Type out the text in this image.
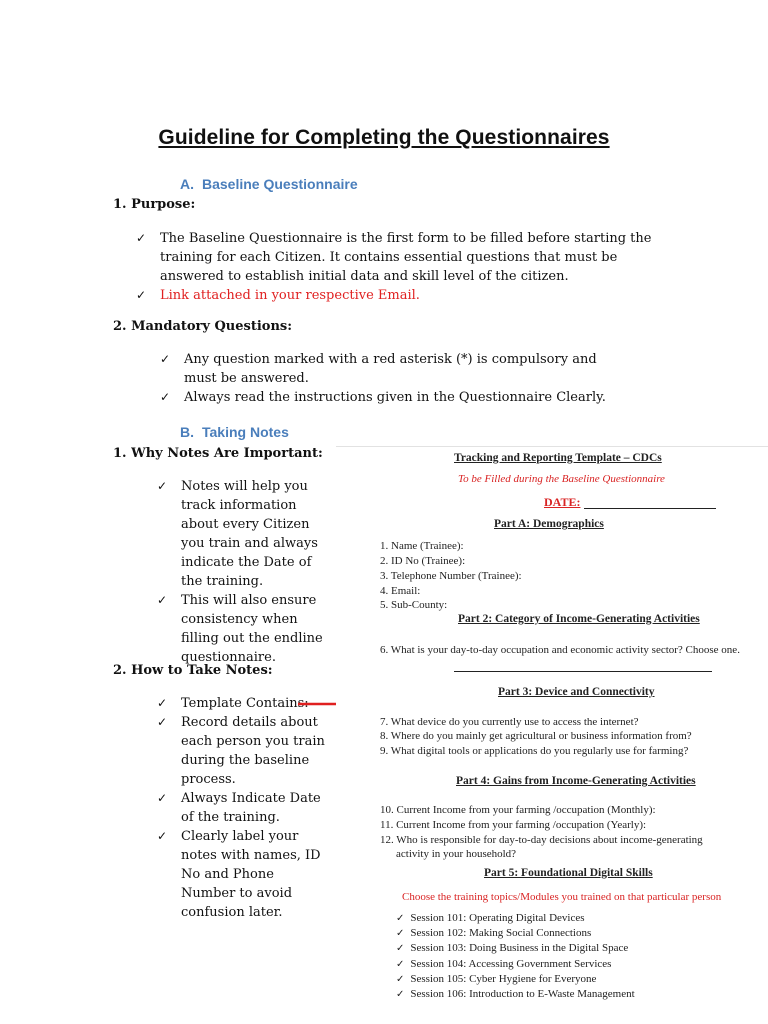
Guideline for Completing the Questionnaires
A. Baseline Questionnaire
1. Purpose:
✓ The Baseline Questionnaire is the first form to be filled before starting the training for each Citizen. It contains essential questions that must be answered to establish initial data and skill level of the citizen.
✓ Link attached in your respective Email.
2. Mandatory Questions:
✓ Any question marked with a red asterisk (*) is compulsory and must be answered.
✓ Always read the instructions given in the Questionnaire Clearly.
B. Taking Notes
1. Why Notes Are Important:
✓ Notes will help you track information about every Citizen you train and always indicate the Date of the training.
✓ This will also ensure consistency when filling out the endline questionnaire.
2. How to Take Notes:
✓ Template Contains:
✓ Record details about each person you train during the baseline process.
✓ Always Indicate Date of the training.
✓ Clearly label your notes with names, ID No and Phone Number to avoid confusion later.
Tracking and Reporting Template – CDCs
To be Filled during the Baseline Questionnaire
DATE:
Part A: Demographics
1. Name (Trainee):
2. ID No (Trainee):
3. Telephone Number (Trainee):
4. Email:
5. Sub-County:
Part 2: Category of Income-Generating Activities
6. What is your day-to-day occupation and economic activity sector? Choose one.
Part 3: Device and Connectivity
7. What device do you currently use to access the internet?
8. Where do you mainly get agricultural or business information from?
9. What digital tools or applications do you regularly use for farming?
Part 4: Gains from Income-Generating Activities
10. Current Income from your farming /occupation (Monthly):
11. Current Income from your farming /occupation (Yearly):
12. Who is responsible for day-to-day decisions about income-generating
activity in your household?
Part 5: Foundational Digital Skills
Choose the training topics/Modules you trained on that particular person
✓ Session 101: Operating Digital Devices
✓ Session 102: Making Social Connections
✓ Session 103: Doing Business in the Digital Space
✓ Session 104: Accessing Government Services
✓ Session 105: Cyber Hygiene for Everyone
✓ Session 106: Introduction to E-Waste Management
